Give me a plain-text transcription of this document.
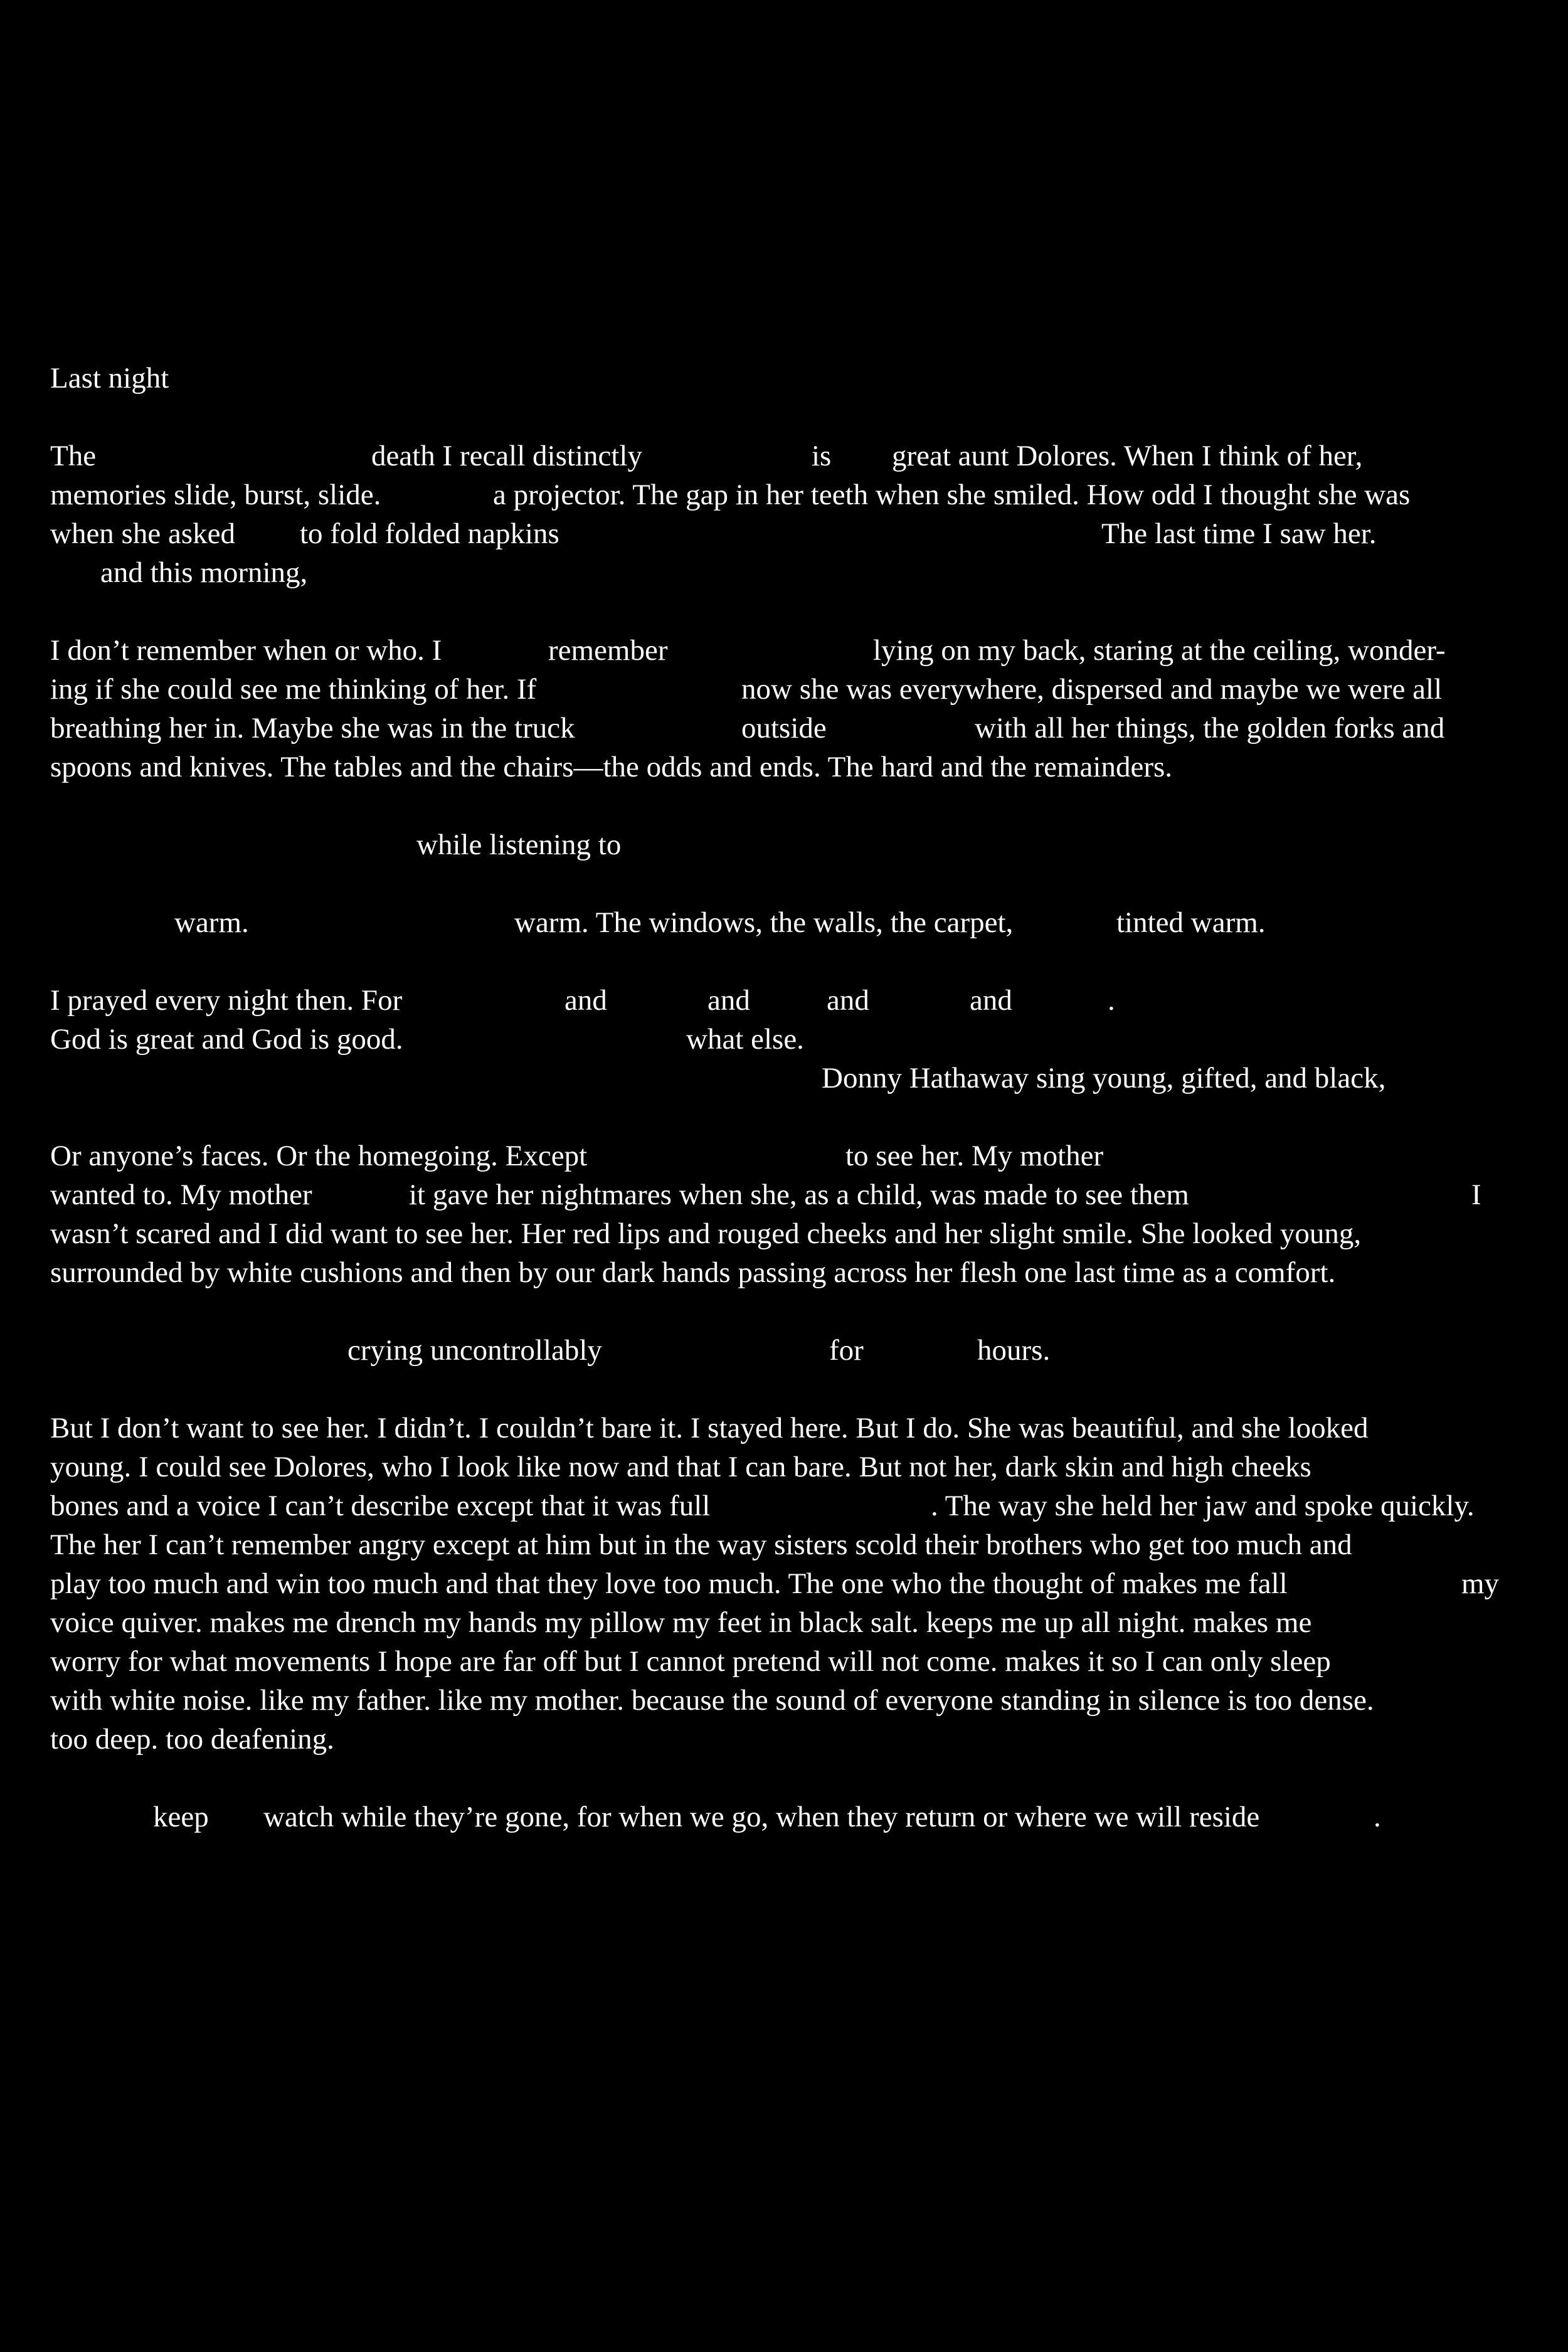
Last night
The	death I recall distinctly	is great aunt Dolores. When I think of her,
memories slide, burst, slide.	a projector. The gap in her teeth when she smiled. How odd I thought she was
when she asked to fold folded napkins	The last time I saw her.
and this morning,
I don’t remember when or who. I	remember	lying on my back, staring at the ceiling, wonder-
ing if she could see me thinking of her. If	now she was everywhere, dispersed and maybe we were all
breathing her in. Maybe she was in the truck	outside	with all her things, the golden forks and
spoons and knives. The tables and the chairs—the odds and ends. The hard and the remainders.
while listening to
warm.	warm. The windows, the walls, the carpet,	tinted warm.
I prayed every night then. For	and	and	and	and	.
God is great and God is good.	what else.
Donny Hathaway sing young, gifted, and black,
Or anyone’s faces. Or the homegoing. Except	to see her. My mother
wanted to. My mother	it gave her nightmares when she, as a child, was made to see them	I
wasn’t scared and I did want to see her. Her red lips and rouged cheeks and her slight smile. She looked young,
surrounded by white cushions and then by our dark hands passing across her flesh one last time as a comfort.
crying uncontrollably	for	hours.
But I don’t want to see her. I didn’t. I couldn’t bare it. I stayed here. But I do. She was beautiful, and she looked
young. I could see Dolores, who I look like now and that I can bare. But not her, dark skin and high cheeks
bones and a voice I can’t describe except that it was full	. The way she held her jaw and spoke quickly.
The her I can’t remember angry except at him but in the way sisters scold their brothers who get too much and
play too much and win too much and that they love too much. The one who the thought of makes me fall	my
voice quiver. makes me drench my hands my pillow my feet in black salt. keeps me up all night. makes me
worry for what movements I hope are far off but I cannot pretend will not come. makes it so I can only sleep
with white noise. like my father. like my mother. because the sound of everyone standing in silence is too dense.
too deep. too deafening.
keep watch while they’re gone, for when we go, when they return or where we will reside	.
